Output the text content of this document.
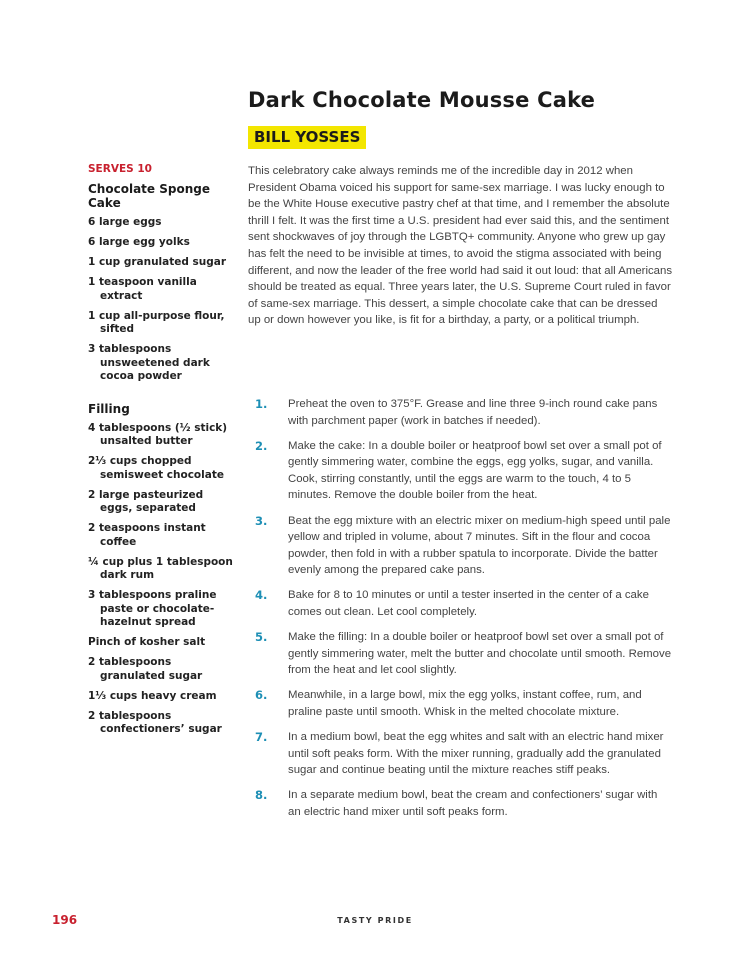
Dark Chocolate Mousse Cake
BILL YOSSES
SERVES 10
Chocolate Sponge Cake
6 large eggs
6 large egg yolks
1 cup granulated sugar
1 teaspoon vanilla extract
1 cup all-purpose flour, sifted
3 tablespoons unsweetened dark cocoa powder
Filling
4 tablespoons (½ stick) unsalted butter
2⅓ cups chopped semisweet chocolate
2 large pasteurized eggs, separated
2 teaspoons instant coffee
¼ cup plus 1 tablespoon dark rum
3 tablespoons praline paste or chocolate-hazelnut spread
Pinch of kosher salt
2 tablespoons granulated sugar
1⅓ cups heavy cream
2 tablespoons confectioners’ sugar

This celebratory cake always reminds me of the incredible day in 2012 when President Obama voiced his support for same-sex marriage. I was lucky enough to be the White House executive pastry chef at that time, and I remember the absolute thrill I felt. It was the first time a U.S. president had ever said this, and the sentiment sent shockwaves of joy through the LGBTQ+ community. Anyone who grew up gay has felt the need to be invisible at times, to avoid the stigma associated with being different, and now the leader of the free world had said it out loud: that all Americans should be treated as equal. Three years later, the U.S. Supreme Court ruled in favor of same-sex marriage. This dessert, a simple chocolate cake that can be dressed up or down however you like, is fit for a birthday, a party, or a political triumph.

1.	Preheat the oven to 375°F. Grease and line three 9-inch round cake pans with parchment paper (work in batches if needed).
2.	Make the cake: In a double boiler or heatproof bowl set over a small pot of gently simmering water, combine the eggs, egg yolks, sugar, and vanilla. Cook, stirring constantly, until the eggs are warm to the touch, 4 to 5 minutes. Remove the double boiler from the heat.
3.	Beat the egg mixture with an electric mixer on medium-high speed until pale yellow and tripled in volume, about 7 minutes. Sift in the flour and cocoa powder, then fold in with a rubber spatula to incorporate. Divide the batter evenly among the prepared cake pans.
4.	Bake for 8 to 10 minutes or until a tester inserted in the center of a cake comes out clean. Let cool completely.
5.	Make the filling: In a double boiler or heatproof bowl set over a small pot of gently simmering water, melt the butter and chocolate until smooth. Remove from the heat and let cool slightly.
6.	Meanwhile, in a large bowl, mix the egg yolks, instant coffee, rum, and praline paste until smooth. Whisk in the melted chocolate mixture.
7.	In a medium bowl, beat the egg whites and salt with an electric hand mixer until soft peaks form. With the mixer running, gradually add the granulated sugar and continue beating until the mixture reaches stiff peaks.
8.	In a separate medium bowl, beat the cream and confectioners’ sugar with an electric hand mixer until soft peaks form.
196	TASTY PRIDE
